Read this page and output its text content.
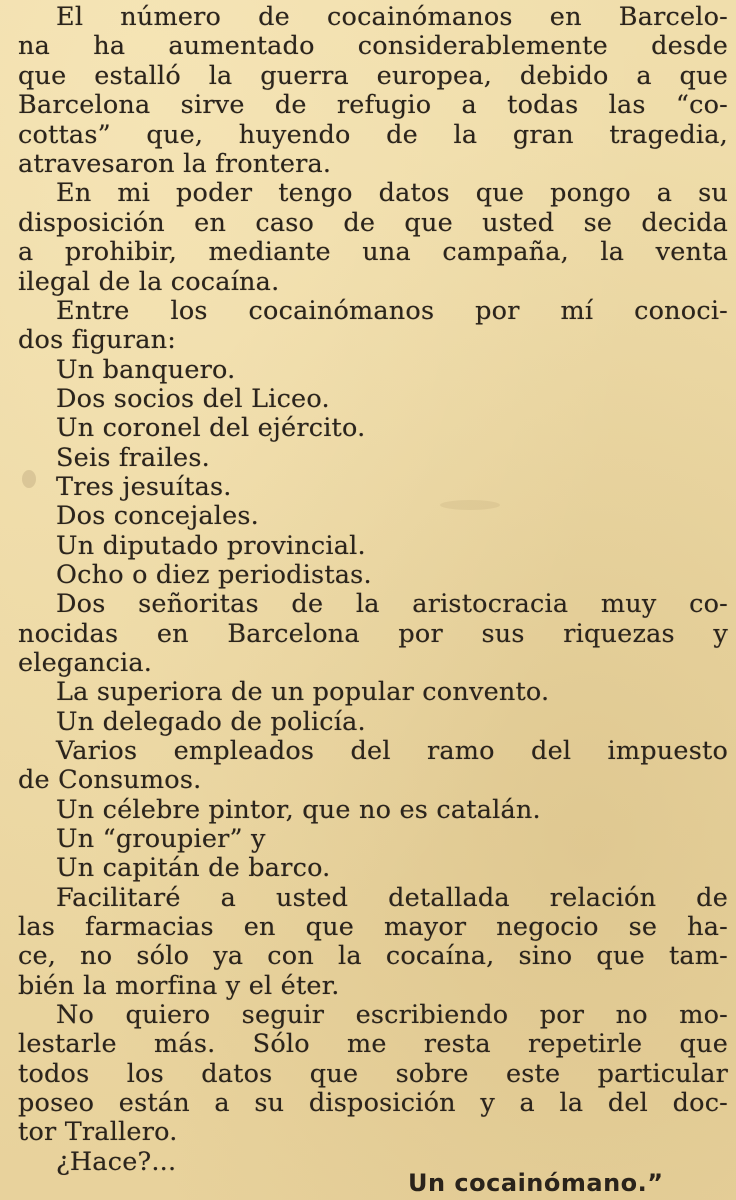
El número de cocainómanos en Barcelo-
na ha aumentado considerablemente desde
que estalló la guerra europea, debido a que
Barcelona sirve de refugio a todas las “co-
cottas” que, huyendo de la gran tragedia,
atravesaron la frontera.
En mi poder tengo datos que pongo a su
disposición en caso de que usted se decida
a prohibir, mediante una campaña, la venta
ilegal de la cocaína.
Entre los cocainómanos por mí conoci-
dos figuran:
Un banquero.
Dos socios del Liceo.
Un coronel del ejército.
Seis frailes.
Tres jesuítas.
Dos concejales.
Un diputado provincial.
Ocho o diez periodistas.
Dos señoritas de la aristocracia muy co-
nocidas en Barcelona por sus riquezas y
elegancia.
La superiora de un popular convento.
Un delegado de policía.
Varios empleados del ramo del impuesto
de Consumos.
Un célebre pintor, que no es catalán.
Un “groupier” y
Un capitán de barco.
Facilitaré a usted detallada relación de
las farmacias en que mayor negocio se ha-
ce, no sólo ya con la cocaína, sino que tam-
bién la morfina y el éter.
No quiero seguir escribiendo por no mo-
lestarle más. Sólo me resta repetirle que
todos los datos que sobre este particular
poseo están a su disposición y a la del doc-
tor Trallero.
¿Hace?...
Un cocainómano.”
